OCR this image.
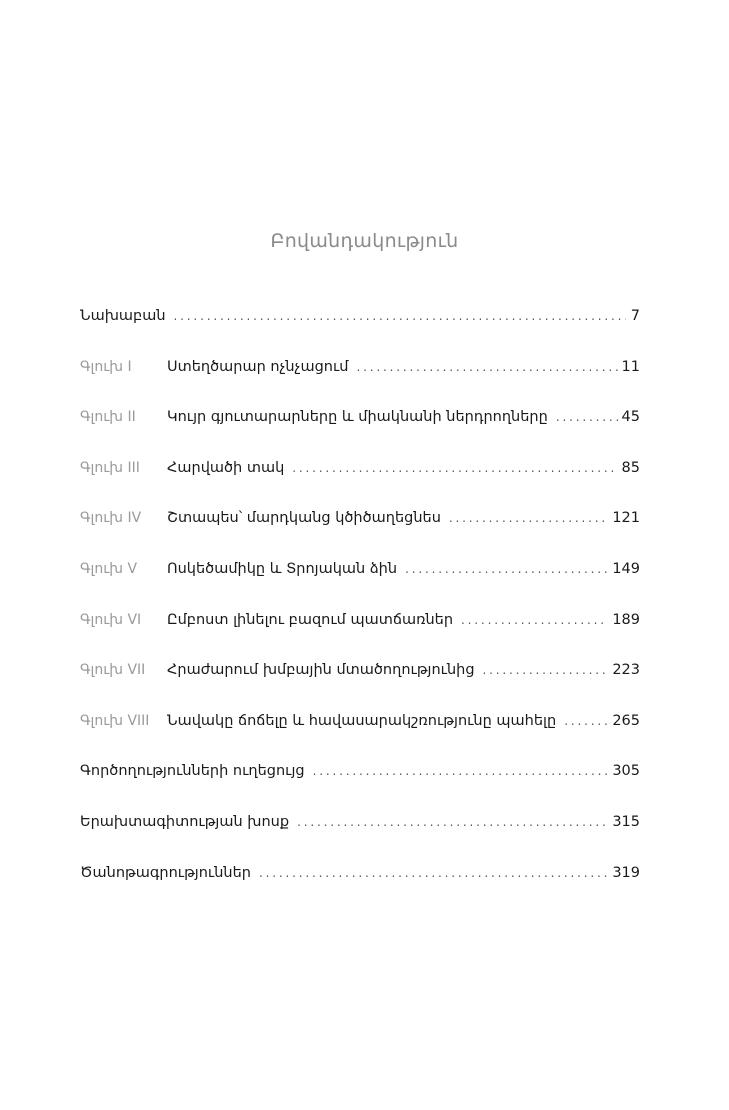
Բովանդակություն
Նախաբան . . .	7
Գլուխ I	Ստեղծարար ոչնչացում . . .	11
Գլուխ II	Կույր գյուտարարները և միակնանի ներդրողները . . .	45
Գլուխ III	Հարվածի տակ . . .	85
Գլուխ IV	Շտապես՝ մարդկանց կծիծաղեցնես . . .	121
Գլուխ V	Ոսկեծամիկը և Տրոյական ձին . . .	149
Գլուխ VI	Ըմբոստ լինելու բազում պատճառներ . . .	189
Գլուխ VII	Հրաժարում խմբային մտածողությունից . . .	223
Գլուխ VIII	Նավակը ճոճելը և հավասարակշռությունը պահելը . . .	265
Գործողությունների ուղեցույց . . .	305
Երախտագիտության խոսք . . .	315
Ծանոթագրություններ . . .	319
